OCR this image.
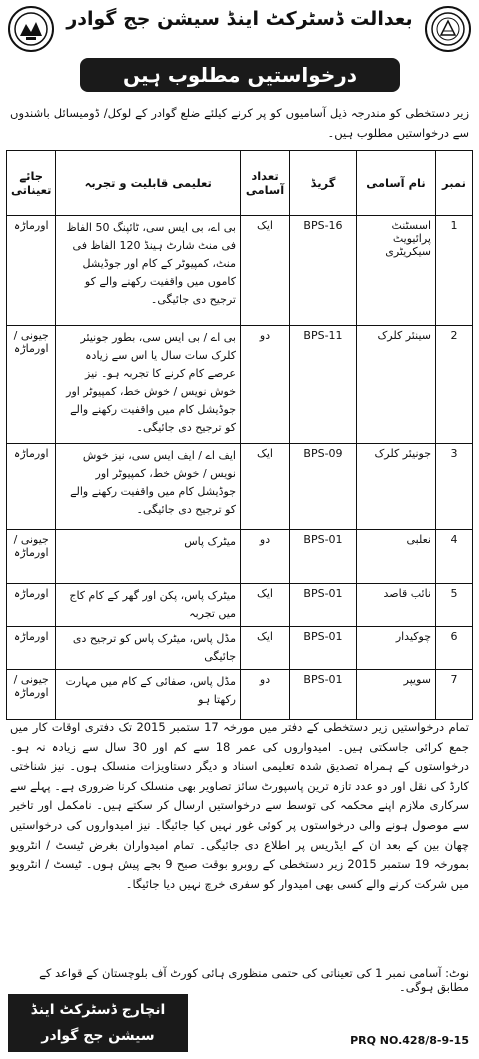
بعدالت ڈسٹرکٹ اینڈ سیشن جج گوادر
درخواستیں مطلوب ہیں
زیر دستخطی کو مندرجہ ذیل آسامیوں کو پر کرنے کیلئے ضلع گوادر کے لوکل/ ڈومیسائل باشندوں سے درخواستیں مطلوب ہیں۔
نمبر	نام آسامی	گریڈ	تعداد آسامی	تعلیمی قابلیت و تجربہ	جائے تعیناتی
1	اسسٹنٹ پرائیویٹ سیکریٹری	BPS-16	ایک	بی اے، بی ایس سی، ٹائپنگ 50 الفاظ فی منٹ شارٹ ہینڈ 120 الفاظ فی منٹ، کمپیوٹر کے کام اور جوڈیشل کاموں میں واقفیت رکھنے والے کو ترجیح دی جائیگی۔	اورماڑہ
2	سینئر کلرک	BPS-11	دو	بی اے / بی ایس سی، بطور جونیئر کلرک سات سال یا اس سے زیادہ عرصے کام کرنے کا تجربہ ہو۔ نیز خوش نویس / خوش خط، کمپیوٹر اور جوڈیشل کام میں واقفیت رکھنے والے کو ترجیح دی جائیگی۔	جیونی / اورماڑہ
3	جونیئر کلرک	BPS-09	ایک	ایف اے / ایف ایس سی، نیز خوش نویس / خوش خط، کمپیوٹر اور جوڈیشل کام میں واقفیت رکھنے والے کو ترجیح دی جائیگی۔	اورماڑہ
4	نعلبی	BPS-01	دو	میٹرک پاس	جیونی / اورماڑہ
5	نائب قاصد	BPS-01	ایک	میٹرک پاس، پکن اور گھر کے کام کاج میں تجربہ	اورماڑہ
6	چوکیدار	BPS-01	ایک	مڈل پاس، میٹرک پاس کو ترجیح دی جائیگی	اورماڑہ
7	سویپر	BPS-01	دو	مڈل پاس، صفائی کے کام میں مہارت رکھتا ہو	جیونی / اورماڑہ
تمام درخواستیں زیر دستخطی کے دفتر میں مورخہ 17 ستمبر 2015 تک دفتری اوقات کار میں جمع کرائی جاسکتی ہیں۔ امیدواروں کی عمر 18 سے کم اور 30 سال سے زیادہ نہ ہو۔ درخواستوں کے ہمراہ تصدیق شدہ تعلیمی اسناد و دیگر دستاویزات منسلک ہوں۔ نیز شناختی کارڈ کی نقل اور دو عدد تازہ ترین پاسپورٹ سائز تصاویر بھی منسلک کرنا ضروری ہے۔ پہلے سے سرکاری ملازم اپنے محکمہ کی توسط سے درخواستیں ارسال کر سکتے ہیں۔ نامکمل اور تاخیر سے موصول ہونے والی درخواستوں پر کوئی غور نہیں کیا جائیگا۔ نیز امیدواروں کی درخواستیں چھان بین کے بعد ان کے ایڈریس پر اطلاع دی جائیگی۔ تمام امیدواران بغرض ٹیسٹ / انٹرویو بمورخہ 19 ستمبر 2015 زیر دستخطی کے روبرو بوقت صبح 9 بجے پیش ہوں۔ ٹیسٹ / انٹرویو میں شرکت کرنے والے کسی بھی امیدوار کو سفری خرچ نہیں دیا جائیگا۔
نوٹ: آسامی نمبر 1 کی تعیناتی کی حتمی منظوری ہائی کورٹ آف بلوچستان کے قواعد کے مطابق ہوگی۔
انچارج ڈسٹرکٹ اینڈ
سیشن جج گوادر	PRQ NO.428/8-9-15
